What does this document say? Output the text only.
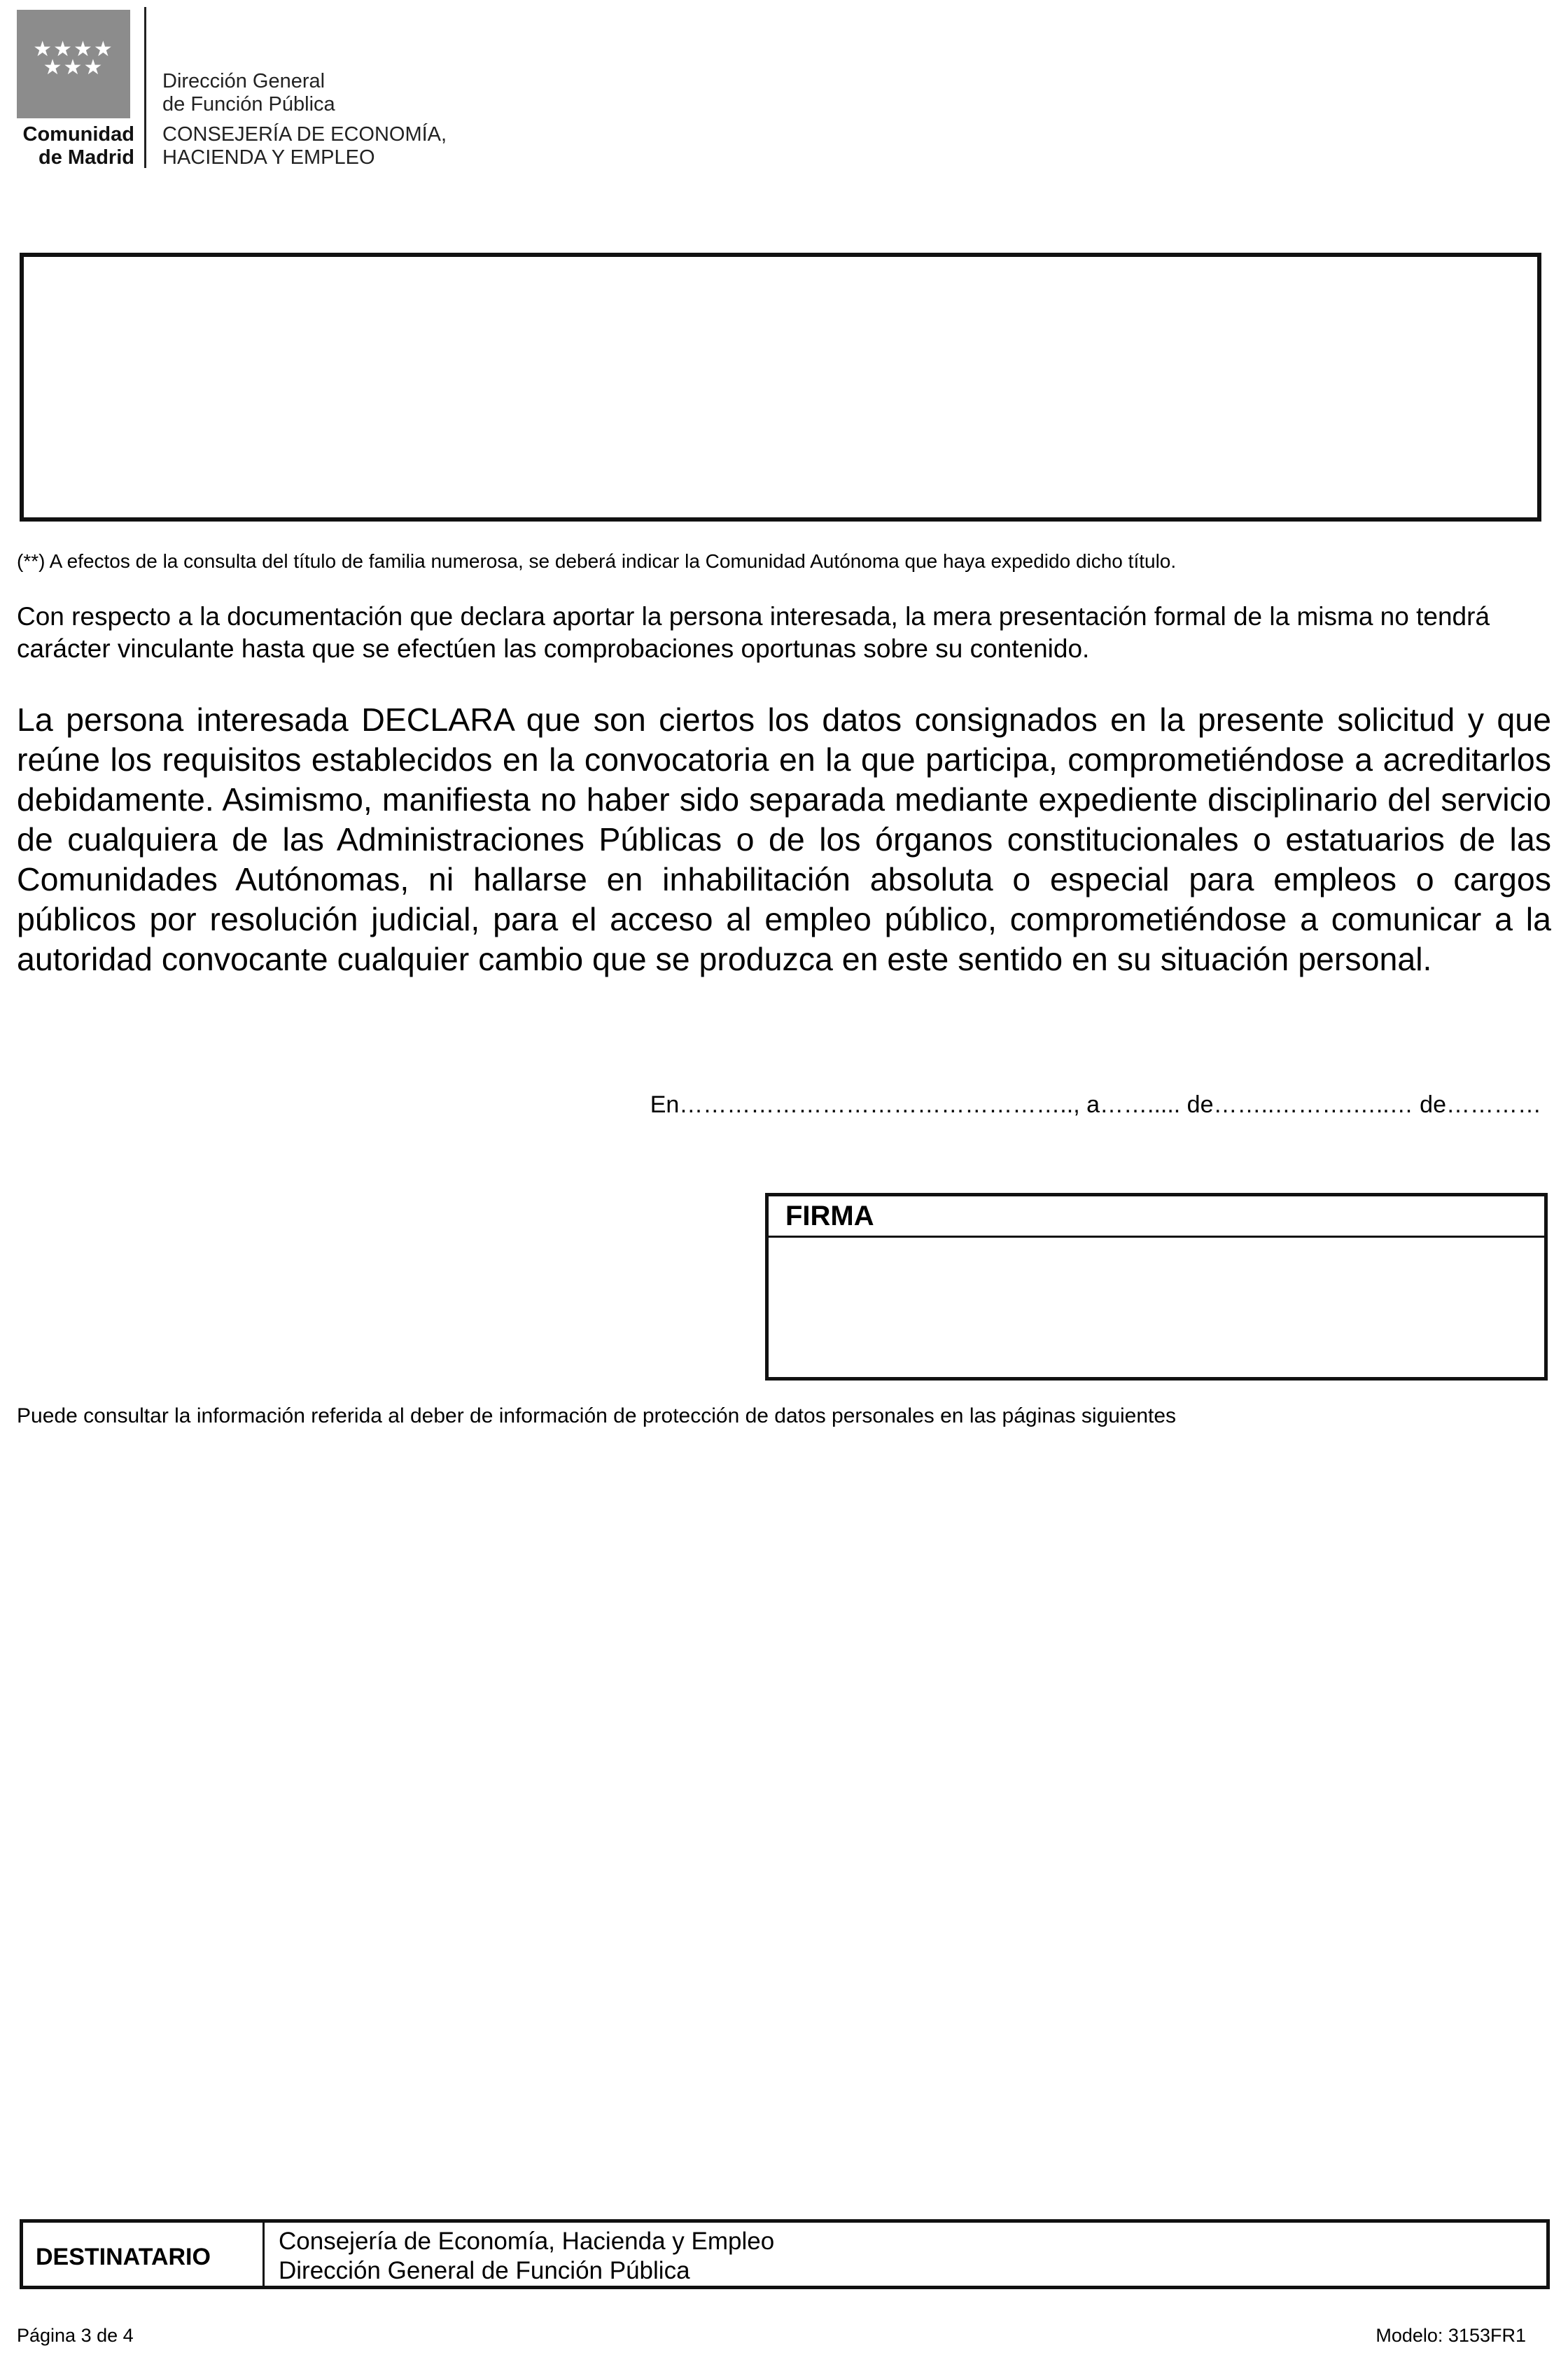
★★★★
★★★
Comunidad
de Madrid
Dirección General
de Función Pública
CONSEJERÍA DE ECONOMÍA,
HACIENDA Y EMPLEO
(**) A efectos de la consulta del título de familia numerosa, se deberá indicar la Comunidad Autónoma que haya expedido dicho título.
Con respecto a la documentación que declara aportar la persona interesada, la mera presentación formal de la misma no tendrá carácter vinculante hasta que se efectúen las comprobaciones oportunas sobre su contenido.
La persona interesada DECLARA que son ciertos los datos consignados en la presente solicitud y que reúne los requisitos establecidos en la convocatoria en la que participa, comprometiéndose a acreditarlos debidamente. Asimismo, manifiesta no haber sido separada mediante expediente disciplinario del servicio de cualquiera de las Administraciones Públicas o de los órganos constitucionales o estatuarios de las Comunidades Autónomas, ni hallarse en inhabilitación absoluta o especial para empleos o cargos públicos por resolución judicial, para el acceso al empleo público, comprometiéndose a comunicar a la autoridad convocante cualquier cambio que se produzca en este sentido en su situación personal.
En………………………………………….., a……..... de……..……….…..… de…………
FIRMA
Puede consultar la información referida al deber de información de protección de datos personales en las páginas siguientes
DESTINATARIO
Consejería de Economía, Hacienda y Empleo
Dirección General de Función Pública
Página 3 de 4	Modelo: 3153FR1
